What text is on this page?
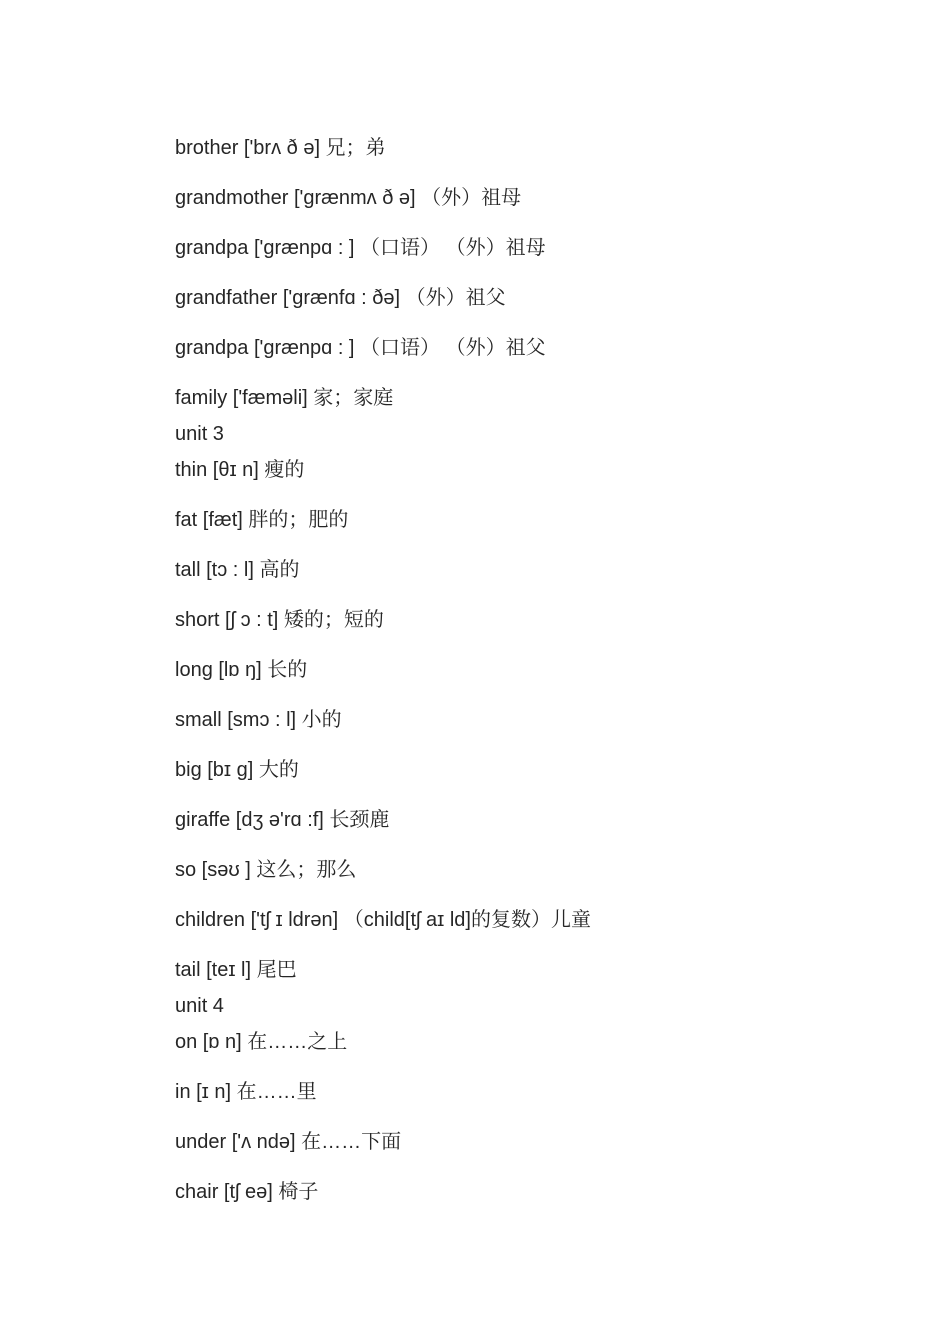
brother ['brʌ ð ə] 兄；弟
grandmother ['grænmʌ ð ə] （外）祖母
grandpa ['grænpɑ : ] （口语） （外）祖母
grandfather ['grænfɑ : ðə] （外）祖父
grandpa ['grænpɑ : ] （口语） （外）祖父
family ['fæməli] 家；家庭
unit 3
thin [θɪ n] 瘦的
fat [fæt] 胖的；肥的
tall [tɔ : l] 高的
short [ʃ ɔ : t] 矮的；短的
long [lɒ ŋ] 长的
small [smɔ : l] 小的
big [bɪ g] 大的
giraffe [dʒ ə'rɑ :f] 长颈鹿
so [səʊ ] 这么；那么
children ['tʃ ɪ ldrən] （child[tʃ aɪ ld]的复数）儿童
tail [teɪ l] 尾巴
unit 4
on [ɒ n] 在……之上
in [ɪ n] 在……里
under ['ʌ ndə] 在……下面
chair [tʃ eə] 椅子
